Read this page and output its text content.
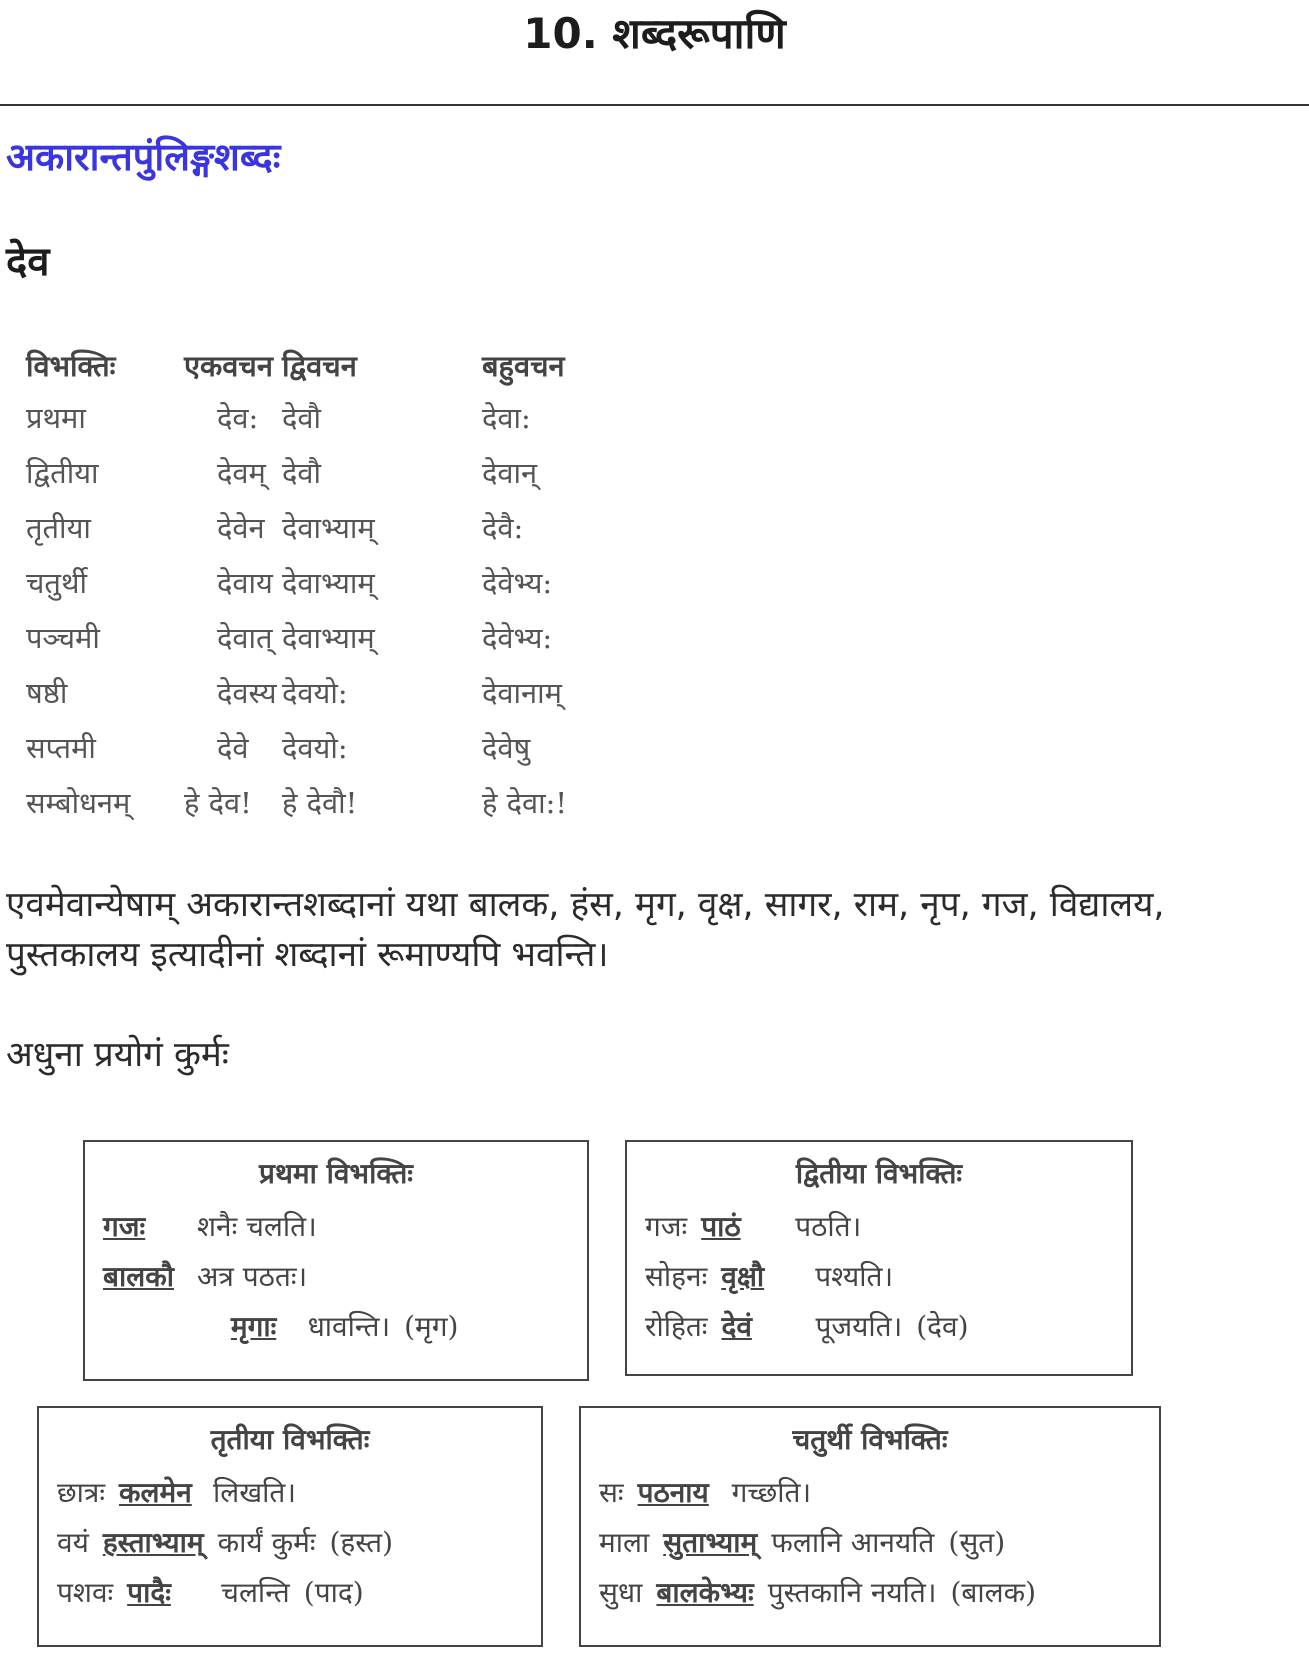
10. शब्दरूपाणि
अकारान्तपुंलिङ्गशब्दः
देव
विभक्तिः	एकवचन	द्विवचन	बहुवचन
प्रथमा	देव:	देवौ	देवा:
द्वितीया	देवम्	देवौ	देवान्
तृतीया	देवेन	देवाभ्याम्	देवै:
चतुर्थी	देवाय	देवाभ्याम्	देवेभ्य:
पञ्चमी	देवात्	देवाभ्याम्	देवेभ्य:
षष्ठी	देवस्य	देवयो:	देवानाम्
सप्तमी	देवे	देवयो:	देवेषु
सम्बोधनम्	हे देव!	हे देवौ!	हे देवा:!
एवमेवान्येषाम् अकारान्तशब्दानां यथा बालक, हंस, मृग, वृक्ष, सागर, राम, नृप, गज, विद्यालय, पुस्तकालय इत्यादीनां शब्दानां रूमाण्यपि भवन्ति।
अधुना प्रयोगं कुर्मः
प्रथमा विभक्तिः
गजः शनैः चलति।
बालकौ अत्र पठतः।
मृगाः धावन्ति। (मृग)
द्वितीया विभक्तिः
गजः पाठं पठति।
सोहनः वृक्षौ पश्यति।
रोहितः देवं पूजयति। (देव)
तृतीया विभक्तिः
छात्रः कलमेन लिखति।
वयं हस्ताभ्याम् कार्यं कुर्मः (हस्त)
पशवः पादैः चलन्ति (पाद)
चतुर्थी विभक्तिः
सः पठनाय गच्छति।
माला सुताभ्याम् फलानि आनयति (सुत)
सुधा बालकेभ्यः पुस्तकानि नयति। (बालक)
